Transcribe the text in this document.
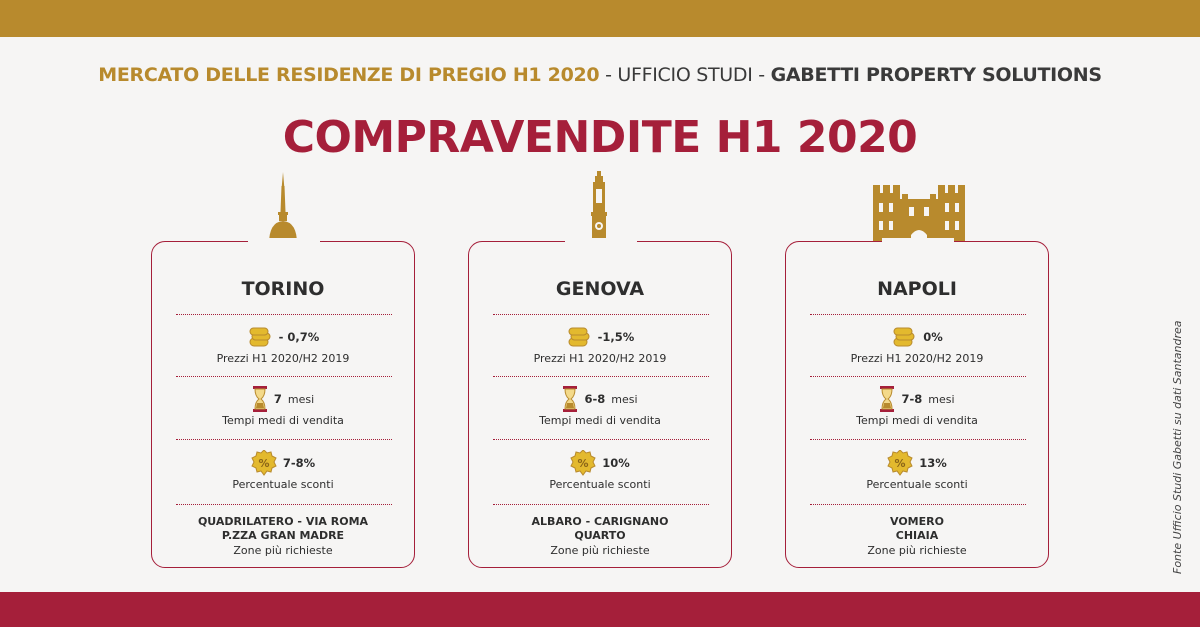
MERCATO DELLE RESIDENZE DI PREGIO H1 2020 - UFFICIO STUDI - GABETTI PROPERTY SOLUTIONS
COMPRAVENDITE H1 2020
TORINO
- 0,7%
Prezzi H1 2020/H2 2019
7 mesi
Tempi medi di vendita
% 7-8%
Percentuale sconti
QUADRILATERO - VIA ROMA
P.ZZA GRAN MADRE
Zone più richieste
GENOVA
-1,5%
Prezzi H1 2020/H2 2019
6-8 mesi
Tempi medi di vendita
% 10%
Percentuale sconti
ALBARO - CARIGNANO
QUARTO
Zone più richieste
NAPOLI
0%
Prezzi H1 2020/H2 2019
7-8 mesi
Tempi medi di vendita
% 13%
Percentuale sconti
VOMERO
CHIAIA
Zone più richieste	Fonte Ufficio Studi Gabetti su dati Santandrea
